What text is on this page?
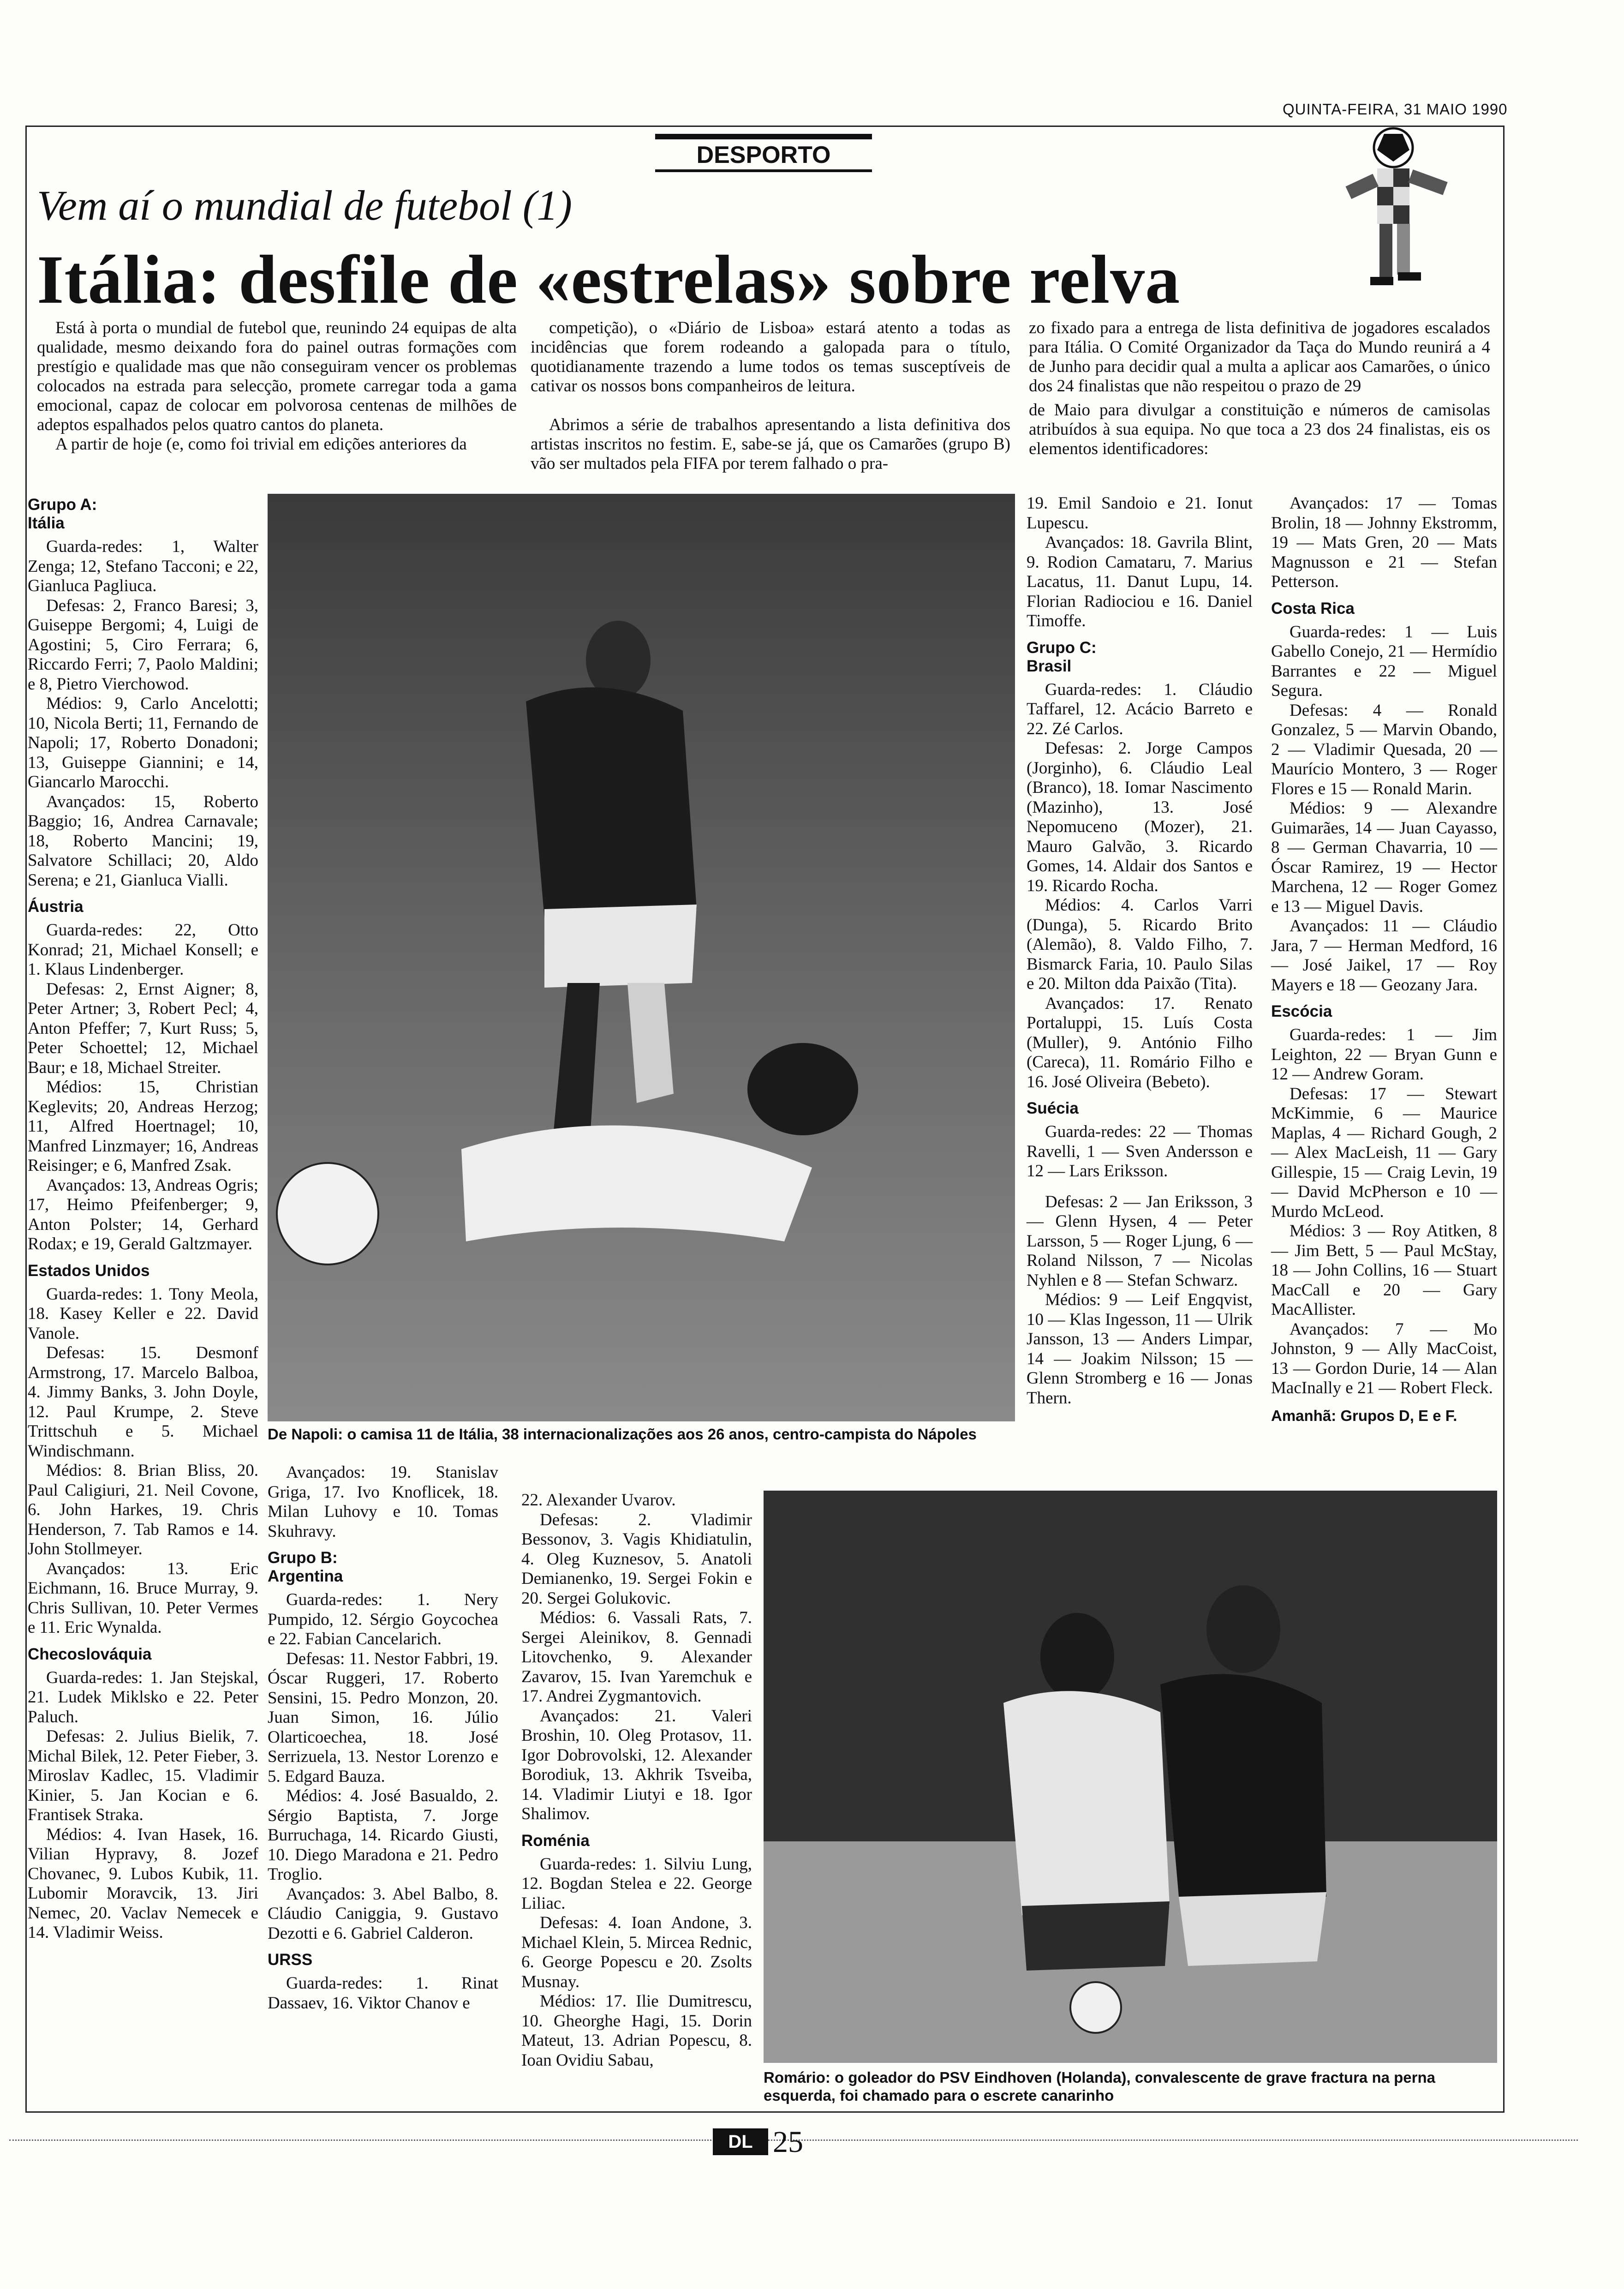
QUINTA-FEIRA, 31 MAIO 1990
DESPORTO
Vem aí o mundial de futebol (1)
Itália: desfile de «estrelas» sobre relva

Está à porta o mundial de futebol que, reunindo 24 equipas de alta qualidade, mesmo deixando fora do painel outras formações com prestígio e qualidade mas que não conseguiram vencer os problemas colocados na estrada para selecção, promete carregar toda a gama emocional, capaz de colocar em polvorosa centenas de milhões de adeptos espalhados pelos quatro cantos do planeta.

A partir de hoje (e, como foi trivial em edições anteriores da

competição), o «Diário de Lisboa» estará atento a todas as incidências que forem rodeando a galopada para o título, quotidianamente trazendo a lume todos os temas susceptíveis de cativar os nossos bons companheiros de leitura.

Abrimos a série de trabalhos apresentando a lista definitiva dos artistas inscritos no festim. E, sabe-se já, que os Camarões (grupo B) vão ser multados pela FIFA por terem falhado o pra-

zo fixado para a entrega de lista definitiva de jogadores escalados para Itália. O Comité Organizador da Taça do Mundo reunirá a 4 de Junho para decidir qual a multa a aplicar aos Camarões, o único dos 24 finalistas que não respeitou o prazo de 29

de Maio para divulgar a constituição e números de camisolas atribuídos à sua equipa. No que toca a 23 dos 24 finalistas, eis os elementos identificadores:

Grupo A:
Itália

Guarda-redes: 1, Walter Zenga; 12, Stefano Tacconi; e 22, Gianluca Pagliuca.

Defesas: 2, Franco Baresi; 3, Guiseppe Bergomi; 4, Luigi de Agostini; 5, Ciro Ferrara; 6, Riccardo Ferri; 7, Paolo Maldini; e 8, Pietro Vierchowod.

Médios: 9, Carlo Ancelotti; 10, Nicola Berti; 11, Fernando de Napoli; 17, Roberto Donadoni; 13, Guiseppe Giannini; e 14, Giancarlo Marocchi.

Avançados: 15, Roberto Baggio; 16, Andrea Carnavale; 18, Roberto Mancini; 19, Salvatore Schillaci; 20, Aldo Serena; e 21, Gianluca Vialli.

Áustria

Guarda-redes: 22, Otto Konrad; 21, Michael Konsell; e 1. Klaus Lindenberger.

Defesas: 2, Ernst Aigner; 8, Peter Artner; 3, Robert Pecl; 4, Anton Pfeffer; 7, Kurt Russ; 5, Peter Schoettel; 12, Michael Baur; e 18, Michael Streiter.

Médios: 15, Christian Keglevits; 20, Andreas Herzog; 11, Alfred Hoertnagel; 10, Manfred Linzmayer; 16, Andreas Reisinger; e 6, Manfred Zsak.

Avançados: 13, Andreas Ogris; 17, Heimo Pfeifenberger; 9, Anton Polster; 14, Gerhard Rodax; e 19, Gerald Galtzmayer.

Estados Unidos

Guarda-redes: 1. Tony Meola, 18. Kasey Keller e 22. David Vanole.

Defesas: 15. Desmonf Armstrong, 17. Marcelo Balboa, 4. Jimmy Banks, 3. John Doyle, 12. Paul Krumpe, 2. Steve Trittschuh e 5. Michael Windischmann.

Médios: 8. Brian Bliss, 20. Paul Caligiuri, 21. Neil Covone, 6. John Harkes, 19. Chris Henderson, 7. Tab Ramos e 14. John Stollmeyer.

Avançados: 13. Eric Eichmann, 16. Bruce Murray, 9. Chris Sullivan, 10. Peter Vermes e 11. Eric Wynalda.

Checoslováquia

Guarda-redes: 1. Jan Stejskal, 21. Ludek Miklsko e 22. Peter Paluch.

Defesas: 2. Julius Bielik, 7. Michal Bilek, 12. Peter Fieber, 3. Miroslav Kadlec, 15. Vladimir Kinier, 5. Jan Kocian e 6. Frantisek Straka.

Médios: 4. Ivan Hasek, 16. Vilian Hypravy, 8. Jozef Chovanec, 9. Lubos Kubik, 11. Lubomir Moravcik, 13. Jiri Nemec, 20. Vaclav Nemecek e 14. Vladimir Weiss.

De Napoli: o camisa 11 de Itália, 38 internacionalizações aos 26 anos, centro-campista do Nápoles

19. Emil Sandoio e 21. Ionut Lupescu.

Avançados: 18. Gavrila Blint, 9. Rodion Camataru, 7. Marius Lacatus, 11. Danut Lupu, 14. Florian Radiociou e 16. Daniel Timoffe.

Grupo C:
Brasil

Guarda-redes: 1. Cláudio Taffarel, 12. Acácio Barreto e 22. Zé Carlos.

Defesas: 2. Jorge Campos (Jorginho), 6. Cláudio Leal (Branco), 18. Iomar Nascimento (Mazinho), 13. José Nepomuceno (Mozer), 21. Mauro Galvão, 3. Ricardo Gomes, 14. Aldair dos Santos e 19. Ricardo Rocha.

Médios: 4. Carlos Varri (Dunga), 5. Ricardo Brito (Alemão), 8. Valdo Filho, 7. Bismarck Faria, 10. Paulo Silas e 20. Milton dda Paixão (Tita).

Avançados: 17. Renato Portaluppi, 15. Luís Costa (Muller), 9. António Filho (Careca), 11. Romário Filho e 16. José Oliveira (Bebeto).

Suécia

Guarda-redes: 22 — Thomas Ravelli, 1 — Sven Andersson e 12 — Lars Eriksson.

Defesas: 2 — Jan Eriksson, 3 — Glenn Hysen, 4 — Peter Larsson, 5 — Roger Ljung, 6 — Roland Nilsson, 7 — Nicolas Nyhlen e 8 — Stefan Schwarz.

Médios: 9 — Leif Engqvist, 10 — Klas Ingesson, 11 — Ulrik Jansson, 13 — Anders Limpar, 14 — Joakim Nilsson; 15 — Glenn Stromberg e 16 — Jonas Thern.

Avançados: 17 — Tomas Brolin, 18 — Johnny Ekstromm, 19 — Mats Gren, 20 — Mats Magnusson e 21 — Stefan Petterson.

Costa Rica

Guarda-redes: 1 — Luis Gabello Conejo, 21 — Hermídio Barrantes e 22 — Miguel Segura.

Defesas: 4 — Ronald Gonzalez, 5 — Marvin Obando, 2 — Vladimir Quesada, 20 — Maurício Montero, 3 — Roger Flores e 15 — Ronald Marin.

Médios: 9 — Alexandre Guimarães, 14 — Juan Cayasso, 8 — German Chavarria, 10 — Óscar Ramirez, 19 — Hector Marchena, 12 — Roger Gomez e 13 — Miguel Davis.

Avançados: 11 — Cláudio Jara, 7 — Herman Medford, 16 — José Jaikel, 17 — Roy Mayers e 18 — Geozany Jara.

Escócia

Guarda-redes: 1 — Jim Leighton, 22 — Bryan Gunn e 12 — Andrew Goram.

Defesas: 17 — Stewart McKimmie, 6 — Maurice Maplas, 4 — Richard Gough, 2 — Alex MacLeish, 11 — Gary Gillespie, 15 — Craig Levin, 19 — David McPherson e 10 — Murdo McLeod.

Médios: 3 — Roy Atitken, 8 — Jim Bett, 5 — Paul McStay, 18 — John Collins, 16 — Stuart MacCall e 20 — Gary MacAllister.

Avançados: 7 — Mo Johnston, 9 — Ally MacCoist, 13 — Gordon Durie, 14 — Alan MacInally e 21 — Robert Fleck.

Amanhã: Grupos D, E e F.

Avançados: 19. Stanislav Griga, 17. Ivo Knoflicek, 18. Milan Luhovy e 10. Tomas Skuhravy.

Grupo B:
Argentina

Guarda-redes: 1. Nery Pumpido, 12. Sérgio Goycochea e 22. Fabian Cancelarich.

Defesas: 11. Nestor Fabbri, 19. Óscar Ruggeri, 17. Roberto Sensini, 15. Pedro Monzon, 20. Juan Simon, 16. Júlio Olarticoechea, 18. José Serrizuela, 13. Nestor Lorenzo e 5. Edgard Bauza.

Médios: 4. José Basualdo, 2. Sérgio Baptista, 7. Jorge Burruchaga, 14. Ricardo Giusti, 10. Diego Maradona e 21. Pedro Troglio.

Avançados: 3. Abel Balbo, 8. Cláudio Caniggia, 9. Gustavo Dezotti e 6. Gabriel Calderon.

URSS

Guarda-redes: 1. Rinat Dassaev, 16. Viktor Chanov e

22. Alexander Uvarov.

Defesas: 2. Vladimir Bessonov, 3. Vagis Khidiatulin, 4. Oleg Kuznesov, 5. Anatoli Demianenko, 19. Sergei Fokin e 20. Sergei Golukovic.

Médios: 6. Vassali Rats, 7. Sergei Aleinikov, 8. Gennadi Litovchenko, 9. Alexander Zavarov, 15. Ivan Yaremchuk e 17. Andrei Zygmantovich.

Avançados: 21. Valeri Broshin, 10. Oleg Protasov, 11. Igor Dobrovolski, 12. Alexander Borodiuk, 13. Akhrik Tsveiba, 14. Vladimir Liutyi e 18. Igor Shalimov.

Roménia

Guarda-redes: 1. Silviu Lung, 12. Bogdan Stelea e 22. George Liliac.

Defesas: 4. Ioan Andone, 3. Michael Klein, 5. Mircea Rednic, 6. George Popescu e 20. Zsolts Musnay.

Médios: 17. Ilie Dumitrescu, 10. Gheorghe Hagi, 15. Dorin Mateut, 13. Adrian Popescu, 8. Ioan Ovidiu Sabau,

Romário: o goleador do PSV Eindhoven (Holanda), convalescente de grave fractura na perna esquerda, foi chamado para o escrete canarinho
DL 25
